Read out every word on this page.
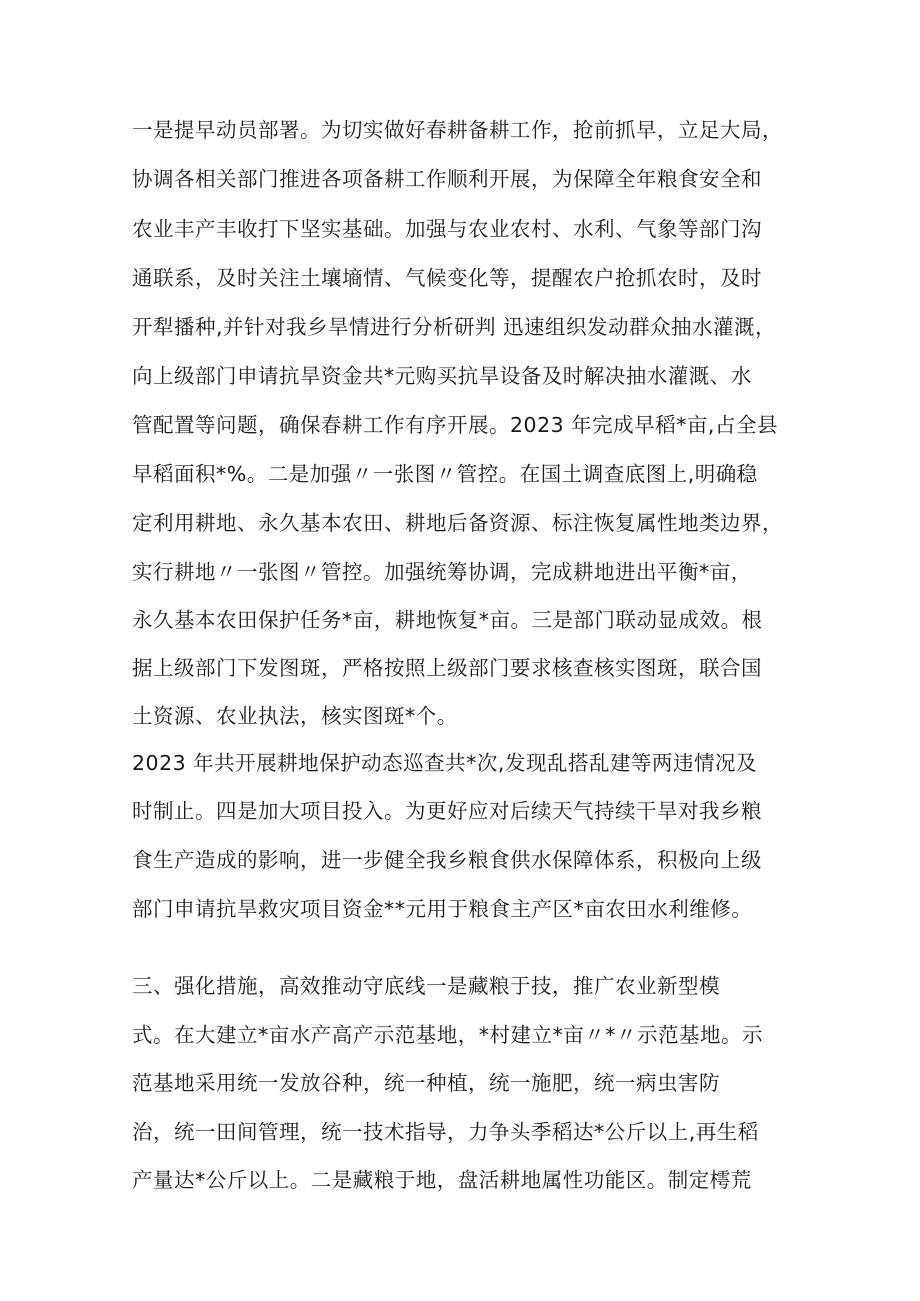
一是提早动员部署。为切实做好春耕备耕工作，抢前抓早，立足大局，
协调各相关部门推进各项备耕工作顺利开展，为保障全年粮食安全和
农业丰产丰收打下坚实基础。加强与农业农村、水利、气象等部门沟
通联系，及时关注土壤墒情、气候变化等，提醒农户抢抓农时，及时
开犁播种,并针对我乡旱情进行分析研判 迅速组织发动群众抽水灌溉，
向上级部门申请抗旱资金共*元购买抗旱设备及时解决抽水灌溉、水
管配置等问题，确保春耕工作有序开展。2023 年完成早稻*亩,占全县
早稻面积*%。二是加强〃一张图〃管控。在国土调查底图上,明确稳
定利用耕地、永久基本农田、耕地后备资源、标注恢复属性地类边界，
实行耕地〃一张图〃管控。加强统筹协调，完成耕地进出平衡*亩，
永久基本农田保护任务*亩，耕地恢复*亩。三是部门联动显成效。根
据上级部门下发图斑，严格按照上级部门要求核查核实图斑，联合国
土资源、农业执法，核实图斑*个。
2023 年共开展耕地保护动态巡查共*次,发现乱搭乱建等两违情况及
时制止。四是加大项目投入。为更好应对后续天气持续干旱对我乡粮
食生产造成的影响，进一步健全我乡粮食供水保障体系，积极向上级
部门申请抗旱救灾项目资金**元用于粮食主产区*亩农田水利维修。
三、强化措施，高效推动守底线一是藏粮于技，推广农业新型模
式。在大建立*亩水产高产示范基地，*村建立*亩〃*〃示范基地。示
范基地采用统一发放谷种，统一种植，统一施肥，统一病虫害防
治，统一田间管理，统一技术指导，力争头季稻达*公斤以上,再生稻
产量达*公斤以上。二是藏粮于地，盘活耕地属性功能区。制定樗荒
